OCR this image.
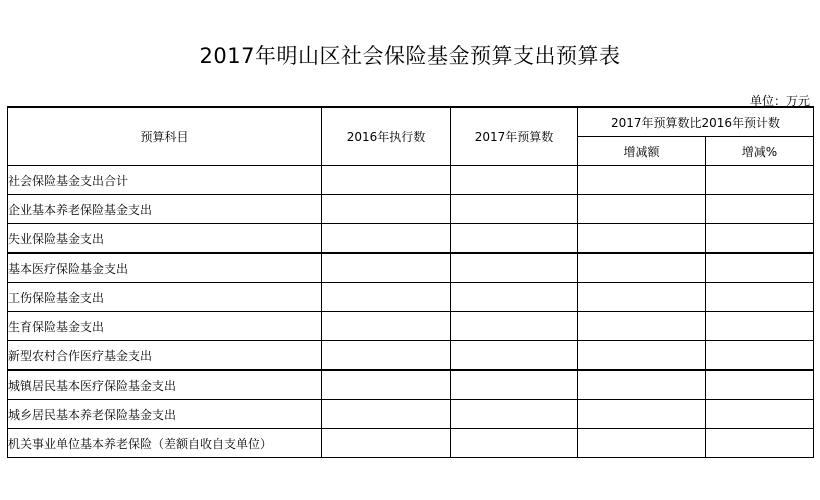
2017年明山区社会保险基金预算支出预算表
单位：万元
预算科目	2016年执行数	2017年预算数	2017年预算数比2016年预计数	
			增减额	增减%
社会保险基金支出合计				
企业基本养老保险基金支出				
失业保险基金支出				
基本医疗保险基金支出				
工伤保险基金支出				
生育保险基金支出				
新型农村合作医疗基金支出				
城镇居民基本医疗保险基金支出				
城乡居民基本养老保险基金支出				
机关事业单位基本养老保险（差额自收自支单位）				
